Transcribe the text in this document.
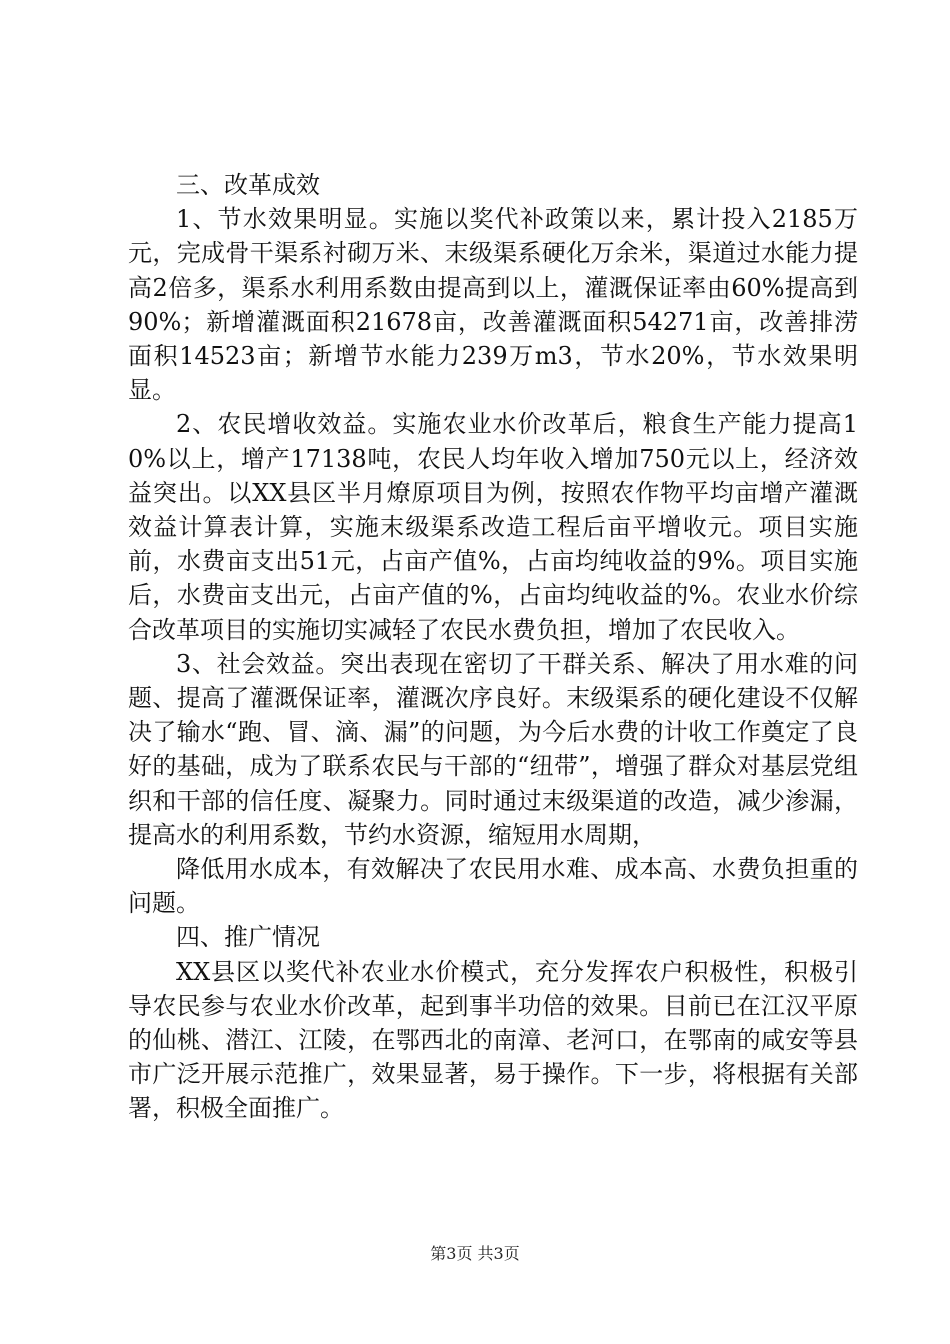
三、改革成效

1、节水效果明显。实施以奖代补政策以来，累计投入2185万元，完成骨干渠系衬砌万米、末级渠系硬化万余米，渠道过水能力提高2倍多，渠系水利用系数由提高到以上，灌溉保证率由60%提高到90%；新增灌溉面积21678亩，改善灌溉面积54271亩，改善排涝面积14523亩；新增节水能力239万m3，节水20%，节水效果明显。

2、农民增收效益。实施农业水价改革后，粮食生产能力提高10%以上，增产17138吨，农民人均年收入增加750元以上，经济效益突出。以XX县区半月燎原项目为例，按照农作物平均亩增产灌溉效益计算表计算，实施末级渠系改造工程后亩平增收元。项目实施前，水费亩支出51元，占亩产值%，占亩均纯收益的9%。项目实施后，水费亩支出元，占亩产值的%，占亩均纯收益的%。农业水价综合改革项目的实施切实减轻了农民水费负担，增加了农民收入。

3、社会效益。突出表现在密切了干群关系、解决了用水难的问题、提高了灌溉保证率，灌溉次序良好。末级渠系的硬化建设不仅解决了输水“跑、冒、滴、漏”的问题，为今后水费的计收工作奠定了良好的基础，成为了联系农民与干部的“纽带”，增强了群众对基层党组织和干部的信任度、凝聚力。同时通过末级渠道的改造，减少渗漏，提高水的利用系数，节约水资源，缩短用水周期，

降低用水成本，有效解决了农民用水难、成本高、水费负担重的问题。

四、推广情况

XX县区以奖代补农业水价模式，充分发挥农户积极性，积极引导农民参与农业水价改革，起到事半功倍的效果。目前已在江汉平原的仙桃、潜江、江陵，在鄂西北的南漳、老河口，在鄂南的咸安等县市广泛开展示范推广，效果显著，易于操作。下一步，将根据有关部署，积极全面推广。

第3页 共3页
